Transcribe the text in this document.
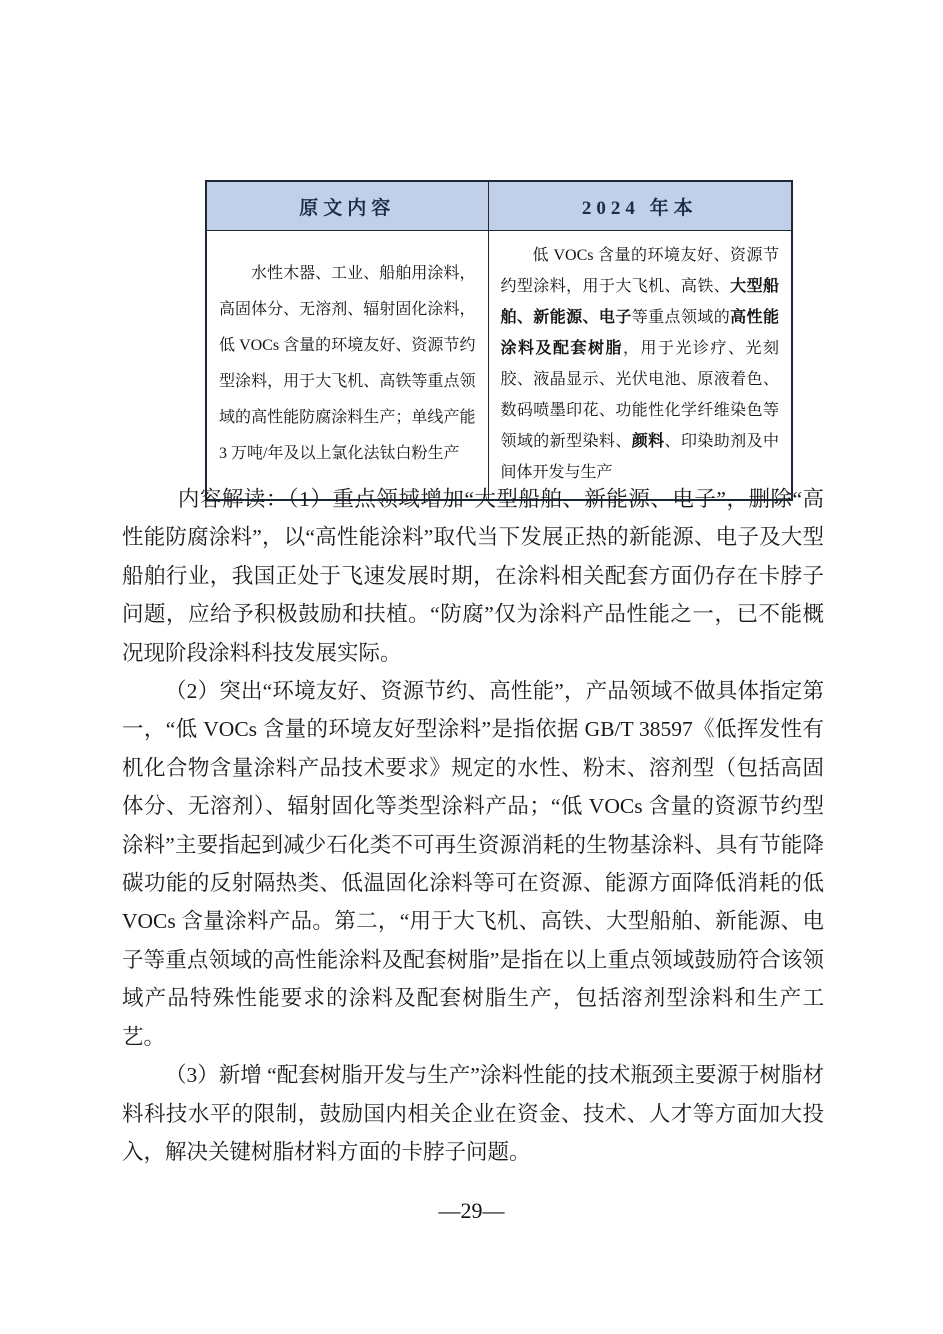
原文内容	2024 年本
水性木器、工业、船舶用涂料，高固体分、无溶剂、辐射固化涂料，低 VOCs 含量的环境友好、资源节约型涂料，用于大飞机、高铁等重点领域的高性能防腐涂料生产；单线产能 3 万吨/年及以上氯化法钛白粉生产	低 VOCs 含量的环境友好、资源节约型涂料，用于大飞机、高铁、大型船舶、新能源、电子等重点领域的高性能涂料及配套树脂，用于光诊疗、光刻胶、液晶显示、光伏电池、原液着色、数码喷墨印花、功能性化学纤维染色等领域的新型染料、颜料、印染助剂及中间体开发与生产

内容解读：（1）重点领域增加“大型船舶、新能源、电子”，删除“高性能防腐涂料”，以“高性能涂料”取代当下发展正热的新能源、电子及大型船舶行业，我国正处于飞速发展时期，在涂料相关配套方面仍存在卡脖子问题，应给予积极鼓励和扶植。“防腐”仅为涂料产品性能之一，已不能概况现阶段涂料科技发展实际。

（2）突出“环境友好、资源节约、高性能”，产品领域不做具体指定第一，“低 VOCs 含量的环境友好型涂料”是指依据 GB/T 38597《低挥发性有机化合物含量涂料产品技术要求》规定的水性、粉末、溶剂型（包括高固体分、无溶剂）、辐射固化等类型涂料产品；“低 VOCs 含量的资源节约型涂料”主要指起到减少石化类不可再生资源消耗的生物基涂料、具有节能降碳功能的反射隔热类、低温固化涂料等可在资源、能源方面降低消耗的低 VOCs 含量涂料产品。第二，“用于大飞机、高铁、大型船舶、新能源、电子等重点领域的高性能涂料及配套树脂”是指在以上重点领域鼓励符合该领域产品特殊性能要求的涂料及配套树脂生产，包括溶剂型涂料和生产工艺。

（3）新增 “配套树脂开发与生产”涂料性能的技术瓶颈主要源于树脂材料科技水平的限制，鼓励国内相关企业在资金、技术、人才等方面加大投入，解决关键树脂材料方面的卡脖子问题。

—29—
